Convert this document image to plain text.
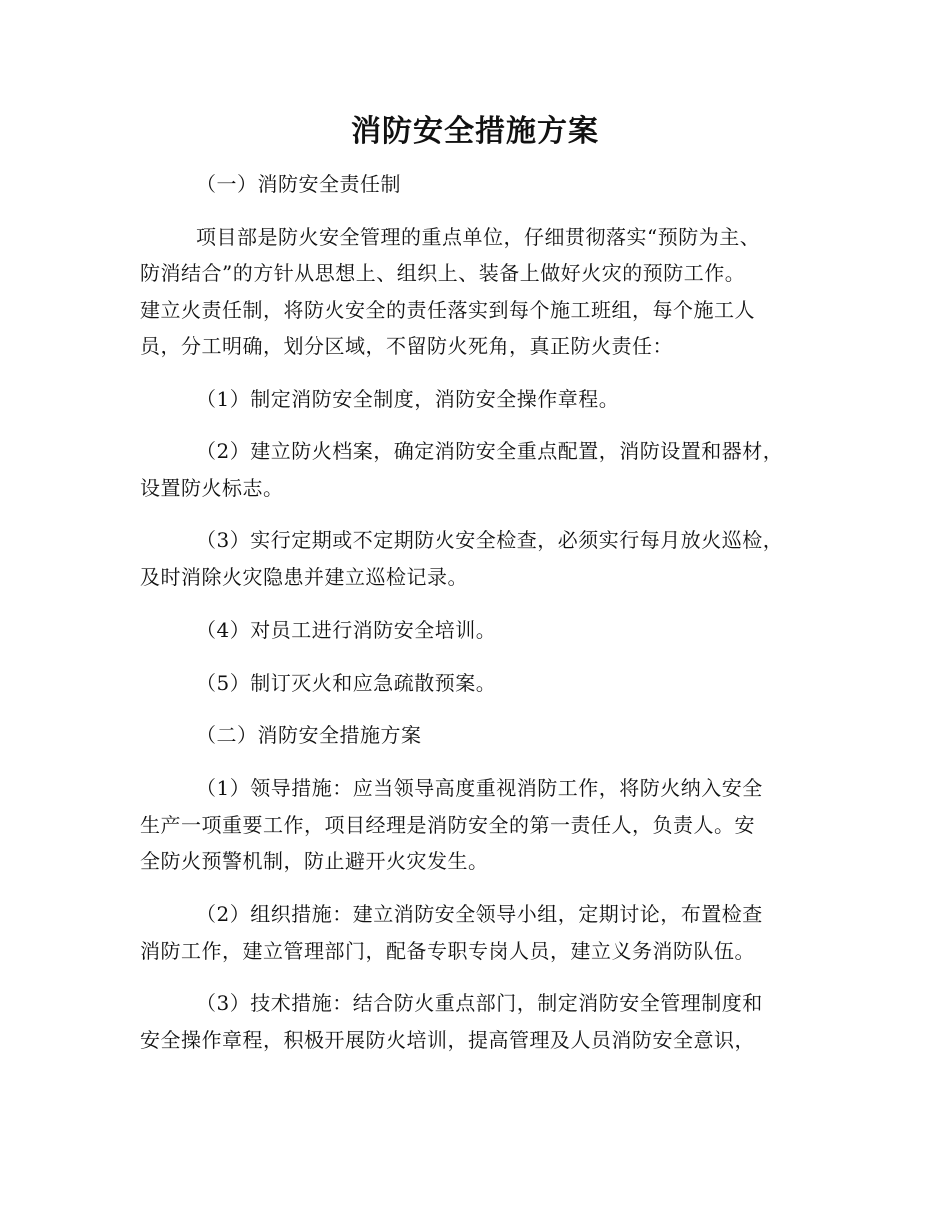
消防安全措施方案
（一）消防安全责任制
项目部是防火安全管理的重点单位，仔细贯彻落实“预防为主、
防消结合”的方针从思想上、组织上、装备上做好火灾的预防工作。
建立火责任制，将防火安全的责任落实到每个施工班组，每个施工人
员，分工明确，划分区域，不留防火死角，真正防火责任：
（1）制定消防安全制度，消防安全操作章程。
（2）建立防火档案，确定消防安全重点配置，消防设置和器材，
设置防火标志。
（3）实行定期或不定期防火安全检查，必须实行每月放火巡检，
及时消除火灾隐患并建立巡检记录。
（4）对员工进行消防安全培训。
（5）制订灭火和应急疏散预案。
（二）消防安全措施方案
（1）领导措施：应当领导高度重视消防工作，将防火纳入安全
生产一项重要工作，项目经理是消防安全的第一责任人，负责人。安
全防火预警机制，防止避开火灾发生。
（2）组织措施：建立消防安全领导小组，定期讨论，布置检查
消防工作，建立管理部门，配备专职专岗人员，建立义务消防队伍。
（3）技术措施：结合防火重点部门，制定消防安全管理制度和
安全操作章程，积极开展防火培训，提高管理及人员消防安全意识，
